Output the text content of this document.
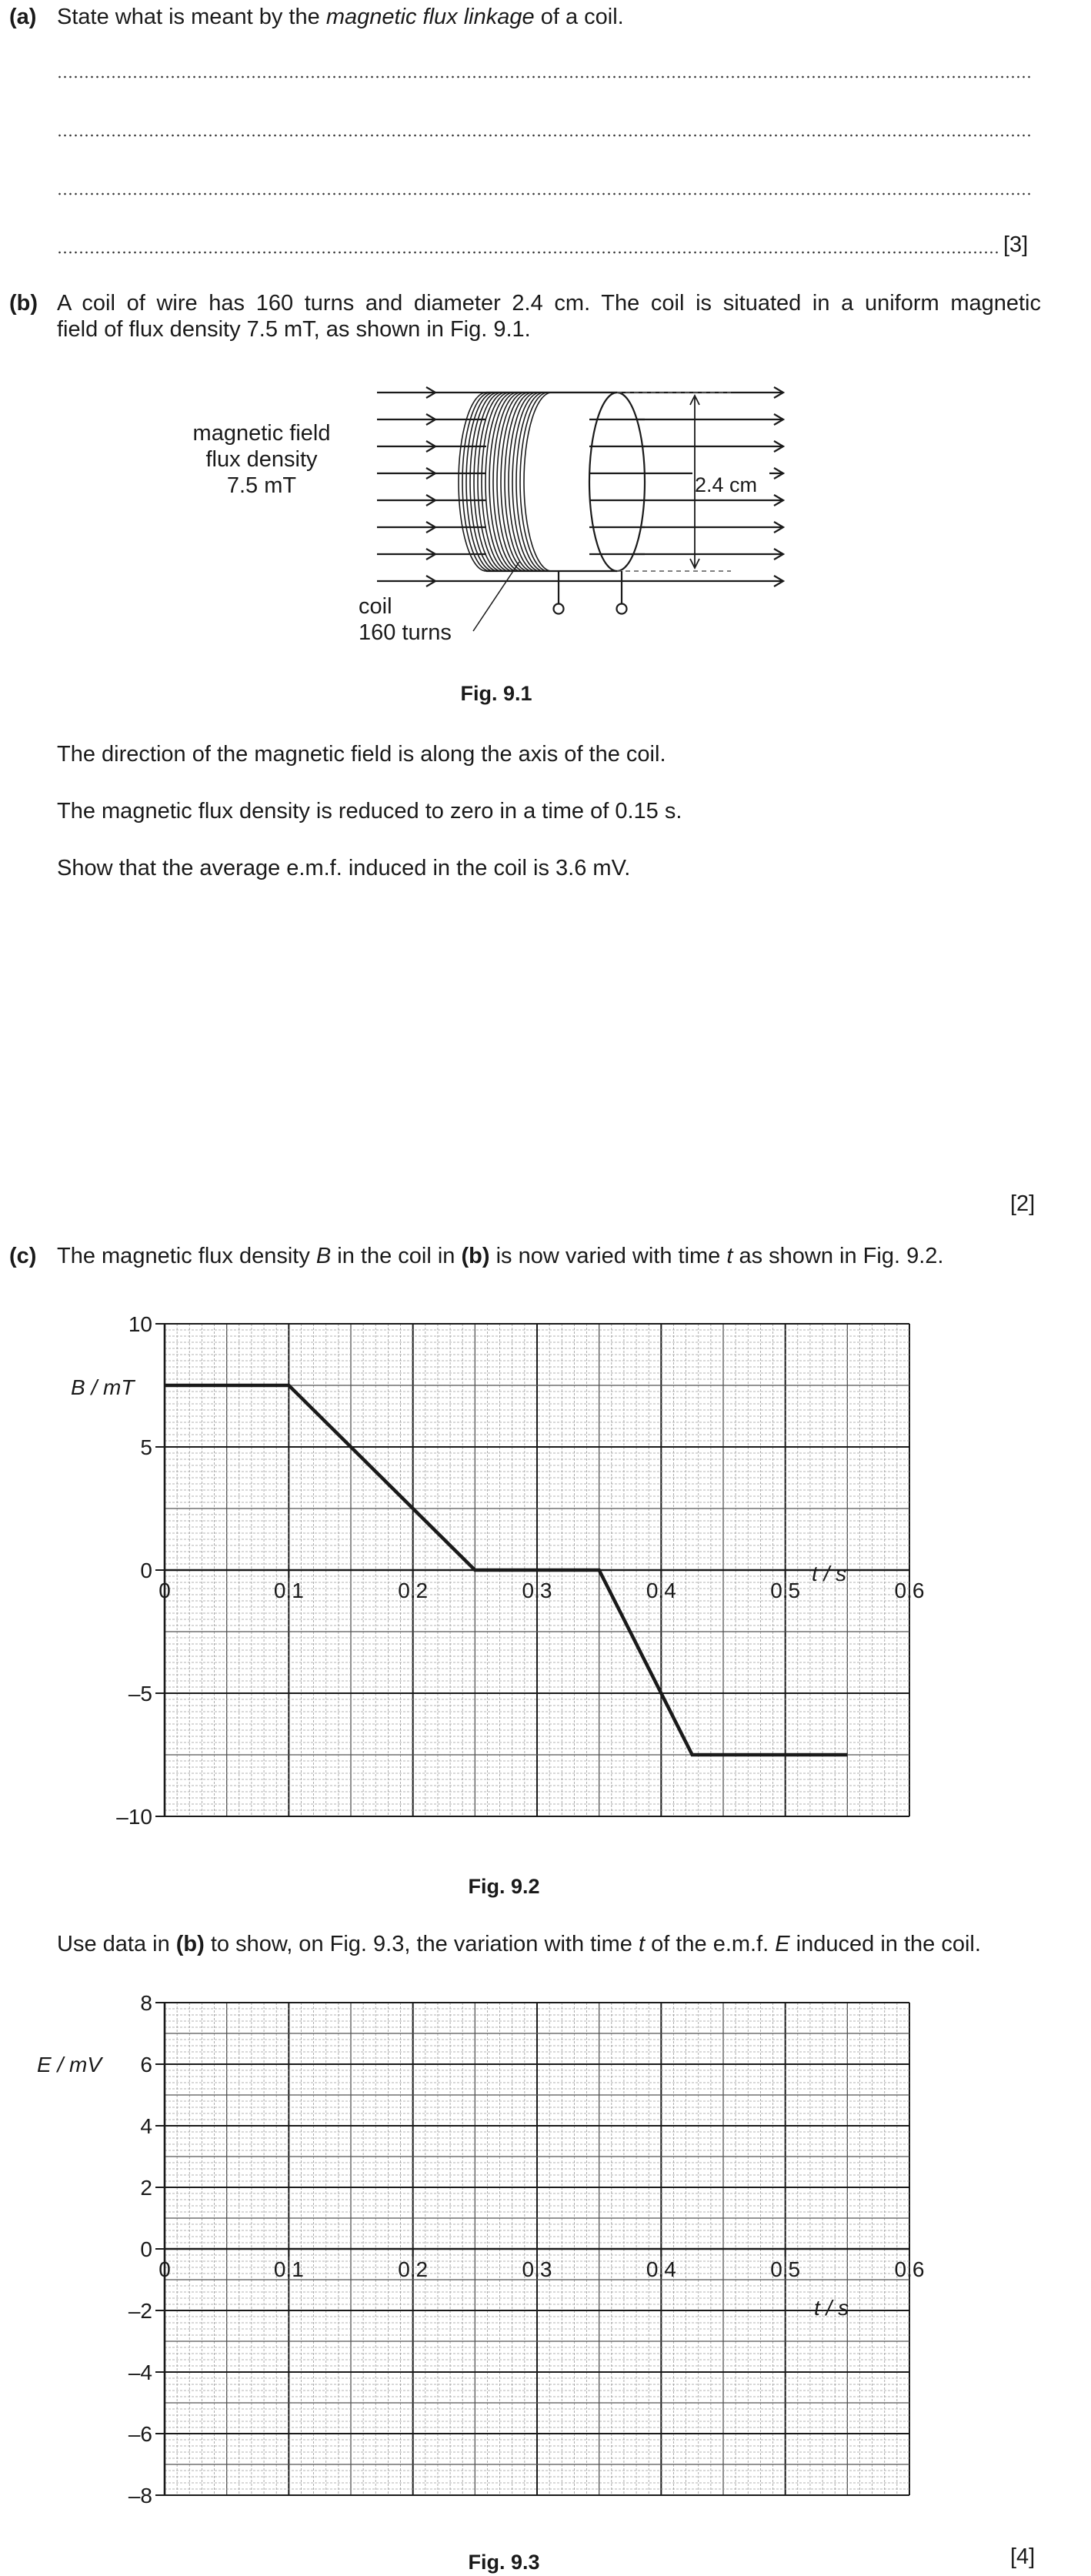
(a) State what is meant by the magnetic flux linkage of a coil.
[3]
(b) A coil of wire has 160 turns and diameter 2.4 cm. The coil is situated in a uniform magnetic
field of flux density 7.5 mT, as shown in Fig. 9.1.
magnetic field
flux density
7.5 mT	2.4 cm
coil
160 turns
Fig. 9.1
The direction of the magnetic field is along the axis of the coil.
The magnetic flux density is reduced to zero in a time of 0.15 s.
Show that the average e.m.f. induced in the coil is 3.6 mV.
[2]
(c) The magnetic flux density B in the coil in (b) is now varied with time t as shown in Fig. 9.2.
10
5
0
–5
–10
0	0.1	0.2	0.3	0.4	0.5	0.6
B / mT
t / s
Fig. 9.2
Use data in (b) to show, on Fig. 9.3, the variation with time t of the e.m.f. E induced in the coil.
8
6
4
2
0
–2
–4
–6
–8
0	0.1	0.2	0.3	0.4	0.5	0.6
E / mV
t / s
Fig. 9.3	[4]
